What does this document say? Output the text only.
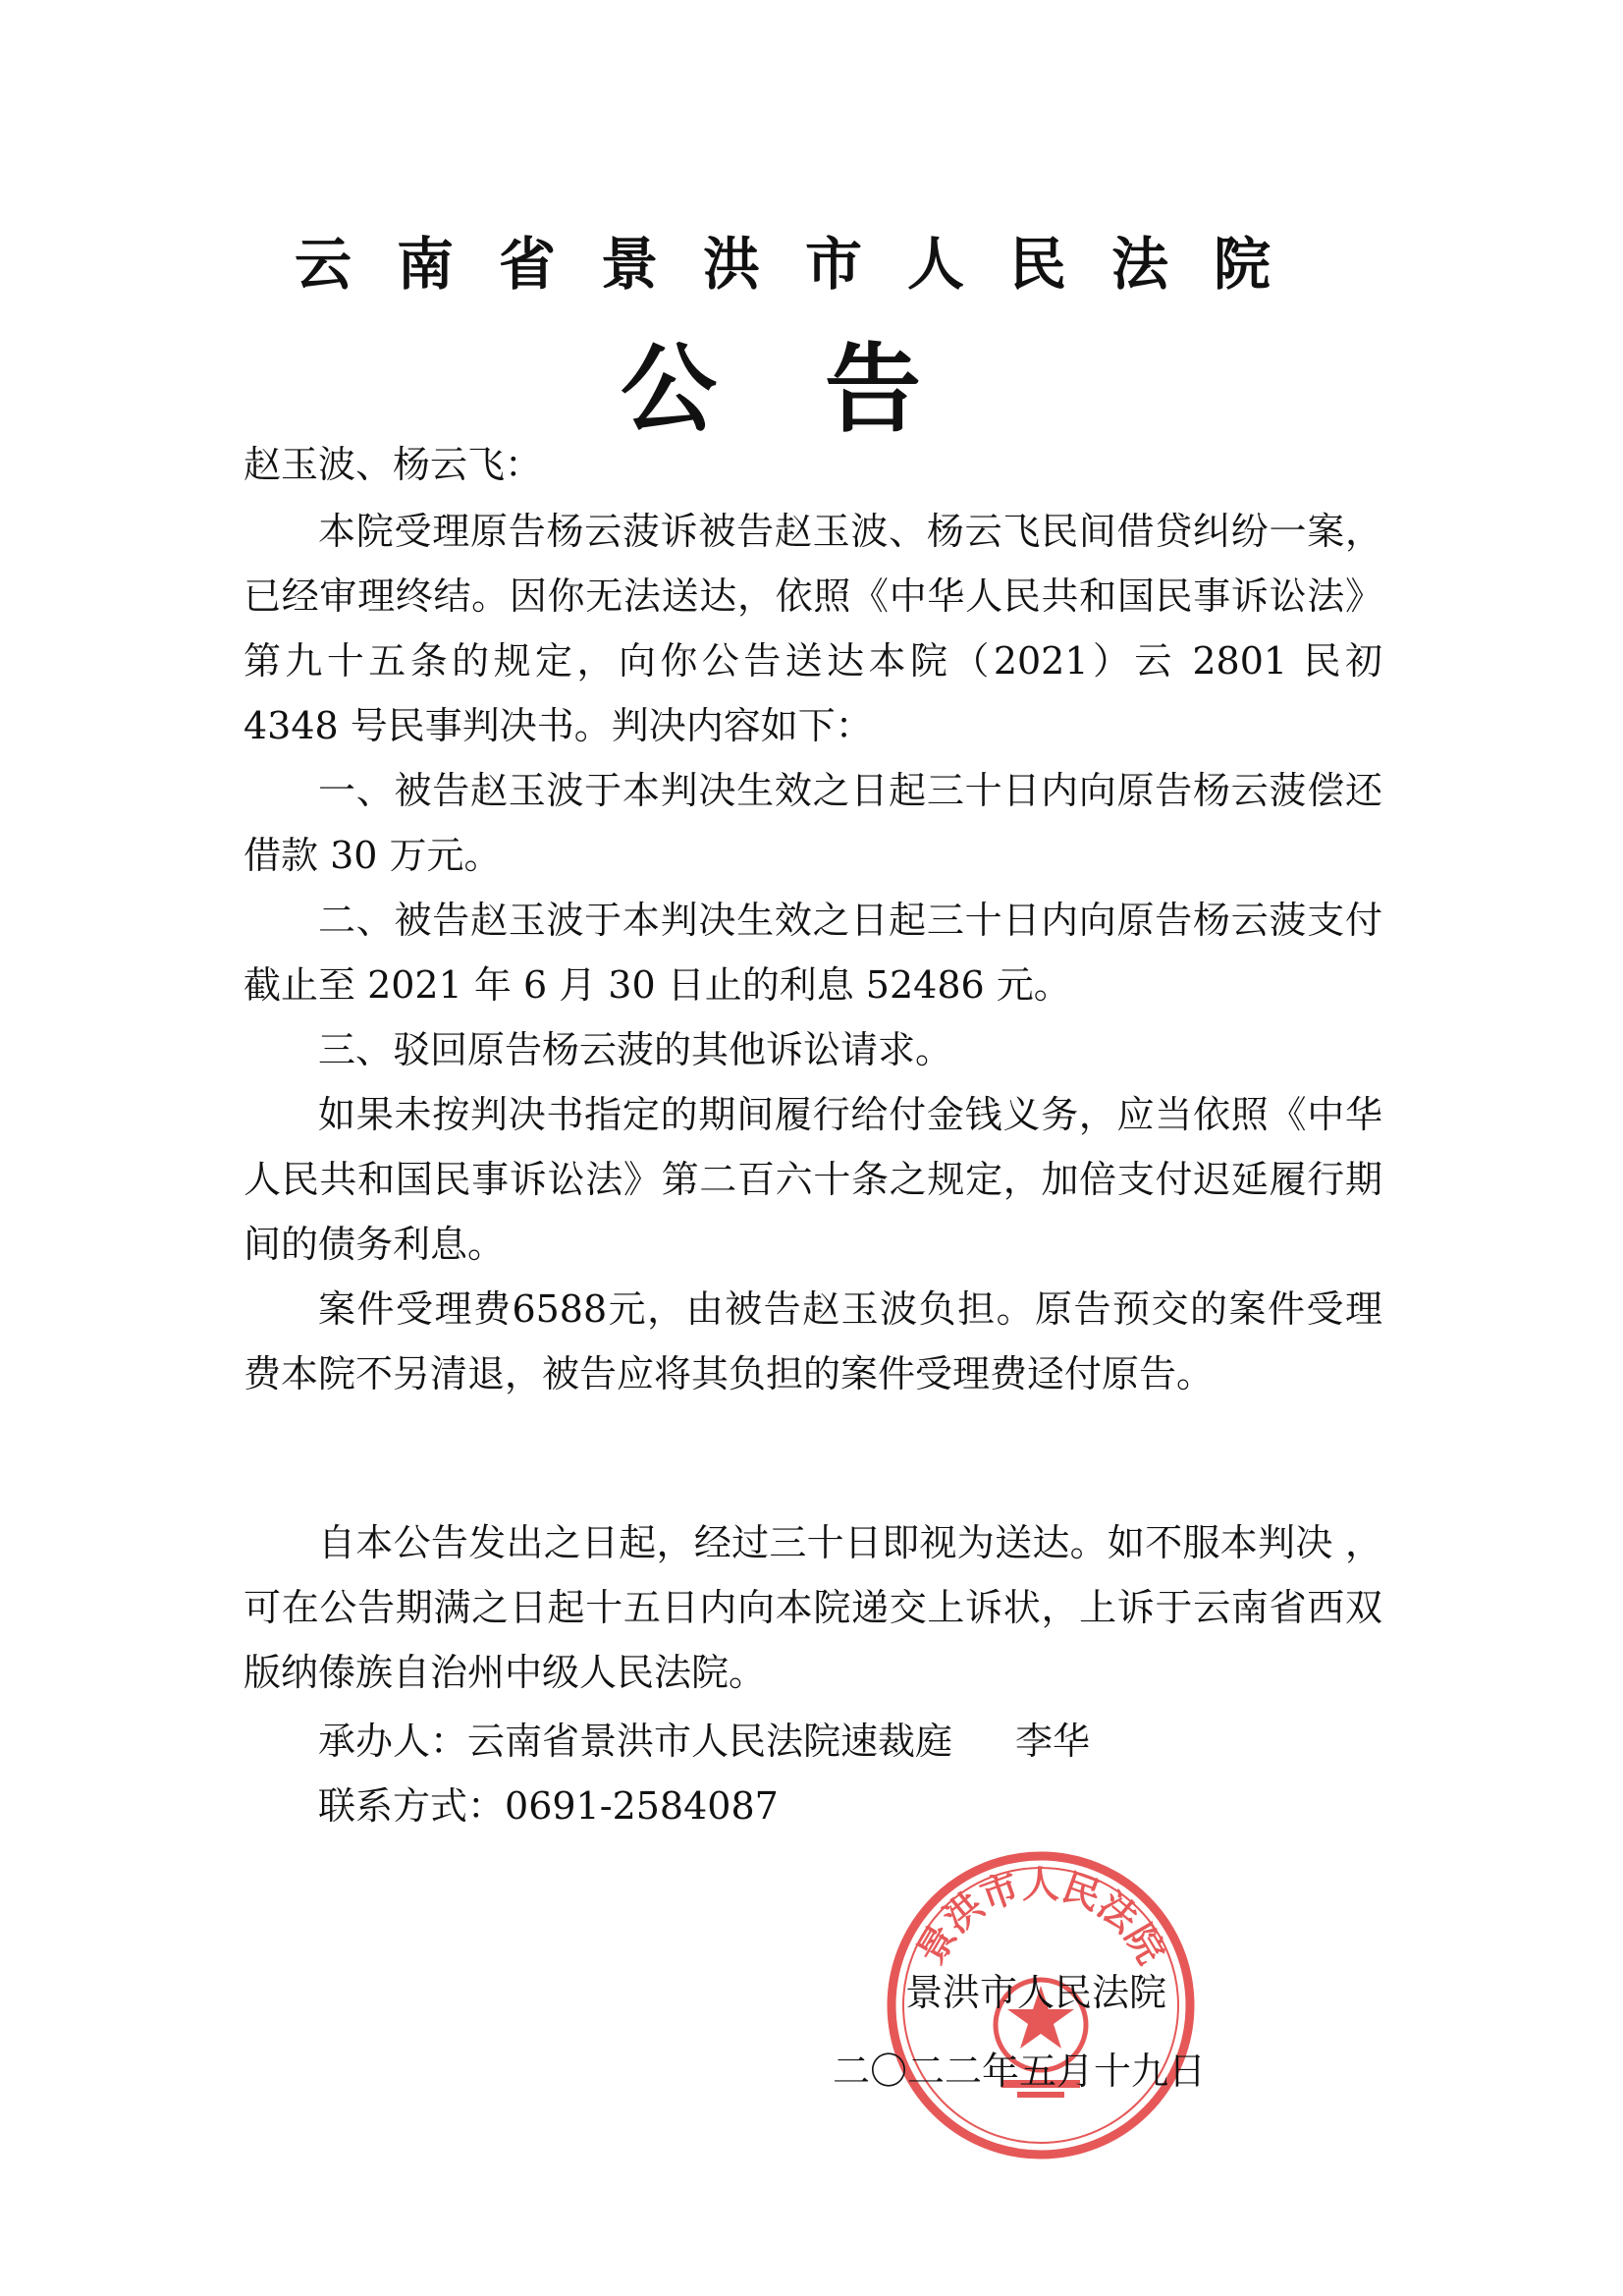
云南省景洪市人民法院
公告

赵玉波、杨云飞：

本院受理原告杨云菠诉被告赵玉波、杨云飞民间借贷纠纷一案，已经审理终结。因你无法送达，依照《中华人民共和国民事诉讼法》第九十五条的规定，向你公告送达本院（2021）云 2801 民初 4348 号民事判决书。判决内容如下：

一、被告赵玉波于本判决生效之日起三十日内向原告杨云菠偿还借款 30 万元。

二、被告赵玉波于本判决生效之日起三十日内向原告杨云菠支付截止至 2021 年 6 月 30 日止的利息 52486 元。

三、驳回原告杨云菠的其他诉讼请求。

如果未按判决书指定的期间履行给付金钱义务，应当依照《中华人民共和国民事诉讼法》第二百六十条之规定，加倍支付迟延履行期间的债务利息。

案件受理费6588元，由被告赵玉波负担。原告预交的案件受理费本院不另清退，被告应将其负担的案件受理费迳付原告。

自本公告发出之日起，经过三十日即视为送达。如不服本判决 ，可在公告期满之日起十五日内向本院递交上诉状，上诉于云南省西双版纳傣族自治州中级人民法院。

承办人：云南省景洪市人民法院速裁庭 李华

联系方式：0691-2584087

景洪市人民法院
景洪市人民法院
二〇二二年五月十九日
